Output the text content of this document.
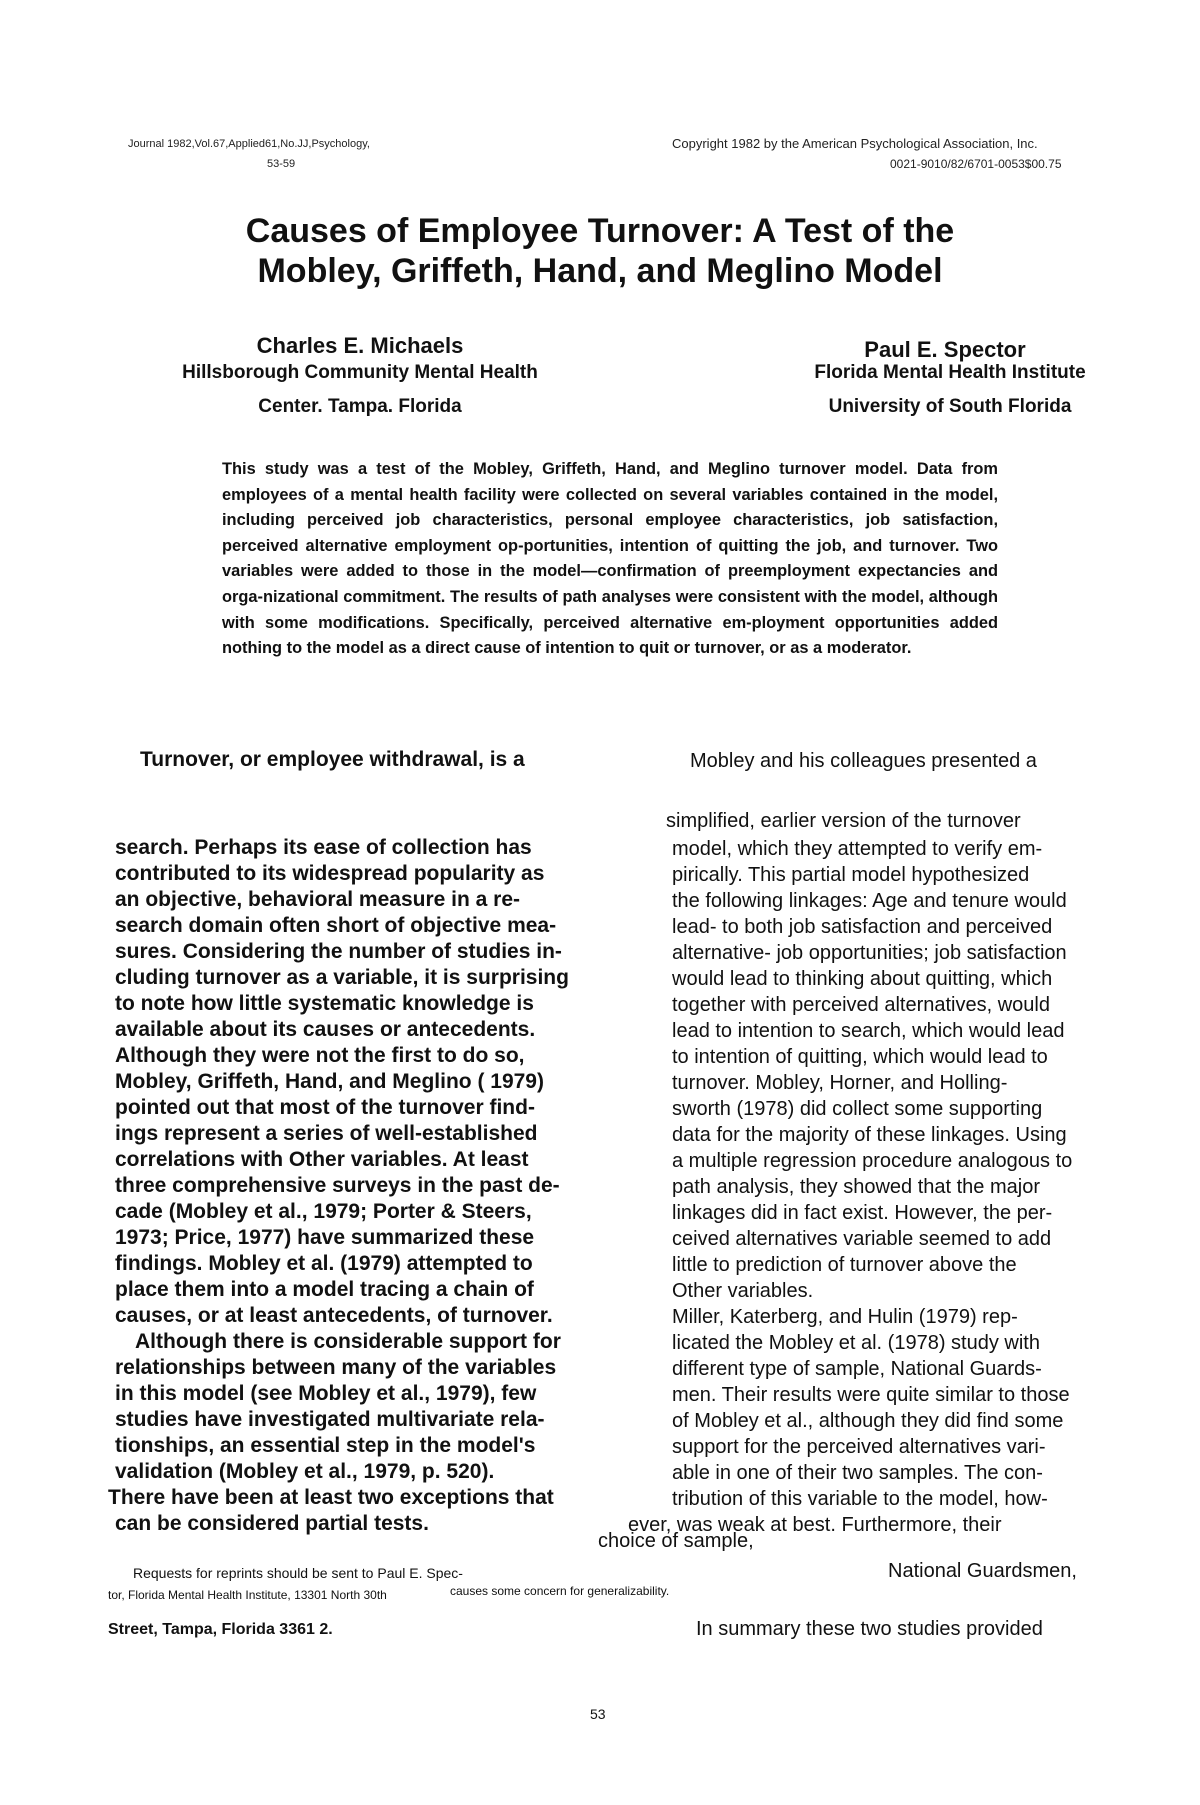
Journal 1982,Vol.67,Applied61,No.JJ,Psychology,
53-59
Copyright 1982 by the American Psychological Association, Inc.
0021-9010/82/6701-0053$00.75
Causes of Employee Turnover: A Test of the
Mobley, Griffeth, Hand, and Meglino Model
Charles E. Michaels
Hillsborough Community Mental Health
Center. Tampa. Florida
Paul E. Spector
Florida Mental Health Institute
University of South Florida
This study was a test of the Mobley, Griffeth, Hand, and Meglino turnover model. Data from employees of a mental health facility were collected on several variables contained in the model, including perceived job characteristics, personal employee characteristics, job satisfaction, perceived alternative employment op-portunities, intention of quitting the job, and turnover. Two variables were added to those in the model—confirmation of preemployment expectancies and orga-nizational commitment. The results of path analyses were consistent with the model, although with some modifications. Specifically, perceived alternative em-ployment opportunities added nothing to the model as a direct cause of intention to quit or turnover, or as a moderator.
Turnover, or employee withdrawal, is a
search. Perhaps its ease of collection has
contributed to its widespread popularity as
an objective, behavioral measure in a re-
search domain often short of objective mea-
sures. Considering the number of studies in-
cluding turnover as a variable, it is surprising
to note how little systematic knowledge is
available about its causes or antecedents.
Although they were not the first to do so,
Mobley, Griffeth, Hand, and Meglino ( 1979)
pointed out that most of the turnover find-
ings represent a series of well-established
correlations with Other variables. At least
three comprehensive surveys in the past de-
cade (Mobley et al., 1979; Porter & Steers,
1973; Price, 1977) have summarized these
findings. Mobley et al. (1979) attempted to
place them into a model tracing a chain of
causes, or at least antecedents, of turnover.
Although there is considerable support for
relationships between many of the variables
in this model (see Mobley et al., 1979), few
studies have investigated multivariate rela-
tionships, an essential step in the model's
validation (Mobley et al., 1979, p. 520).
There have been at least two exceptions that
can be considered partial tests.
Mobley and his colleagues presented a
simplified, earlier version of the turnover
model, which they attempted to verify em-
pirically. This partial model hypothesized
the following linkages: Age and tenure would
lead- to both job satisfaction and perceived
alternative- job opportunities; job satisfaction
would lead to thinking about quitting, which
together with perceived alternatives, would
lead to intention to search, which would lead
to intention of quitting, which would lead to
turnover. Mobley, Horner, and Holling-
sworth (1978) did collect some supporting
data for the majority of these linkages. Using
a multiple regression procedure analogous to
path analysis, they showed that the major
linkages did in fact exist. However, the per-
ceived alternatives variable seemed to add
little to prediction of turnover above the
Other variables.
Miller, Katerberg, and Hulin (1979) rep-
licated the Mobley et al. (1978) study with
different type of sample, National Guards-
men. Their results were quite similar to those
of Mobley et al., although they did find some
support for the perceived alternatives vari-
able in one of their two samples. The con-
tribution of this variable to the model, how-
ever, was weak at best. Furthermore, their
choice of sample,
National Guardsmen,
causes some concern for generalizability.
In summary these two studies provided
Requests for reprints should be sent to Paul E. Spec-
tor, Florida Mental Health Institute, 13301 North 30th
Street, Tampa, Florida 3361 2.
53
